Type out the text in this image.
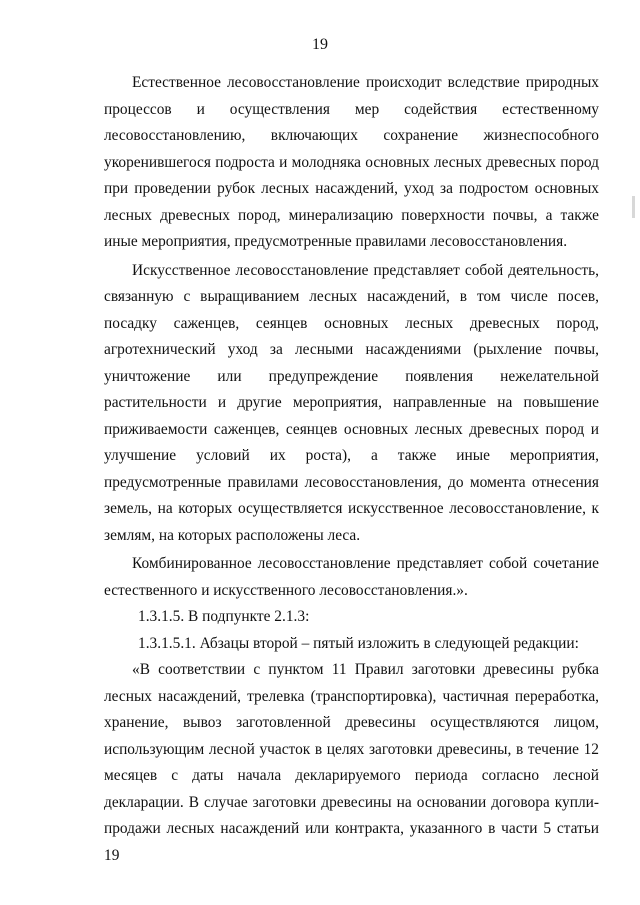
19

Естественное лесовосстановление происходит вследствие природных процессов и осуществления мер содействия естественному лесовосстановлению, включающих сохранение жизнеспособного укоренившегося подроста и молодняка основных лесных древесных пород при проведении рубок лесных насаждений, уход за подростом основных лесных древесных пород, минерализацию поверхности почвы, а также иные мероприятия, предусмотренные правилами лесовосстановления.

Искусственное лесовосстановление представляет собой деятельность, связанную с выращиванием лесных насаждений, в том числе посев, посадку саженцев, сеянцев основных лесных древесных пород, агротехнический уход за лесными насаждениями (рыхление почвы, уничтожение или предупреждение появления нежелательной растительности и другие мероприятия, направленные на повышение приживаемости саженцев, сеянцев основных лесных древесных пород и улучшение условий их роста), а также иные мероприятия, предусмотренные правилами лесовосстановления, до момента отнесения земель, на которых осуществляется искусственное лесовосстановление, к землям, на которых расположены леса.

Комбинированное лесовосстановление представляет собой сочетание естественного и искусственного лесовосстановления.».

1.3.1.5. В подпункте 2.1.3:

1.3.1.5.1. Абзацы второй – пятый изложить в следующей редакции:

«В соответствии с пунктом 11 Правил заготовки древесины рубка лесных насаждений, трелевка (транспортировка), частичная переработка, хранение, вывоз заготовленной древесины осуществляются лицом, использующим лесной участок в целях заготовки древесины, в течение 12 месяцев с даты начала декларируемого периода согласно лесной декларации. В случае заготовки древесины на основании договора купли-продажи лесных насаждений или контракта, указанного в части 5 статьи 19
